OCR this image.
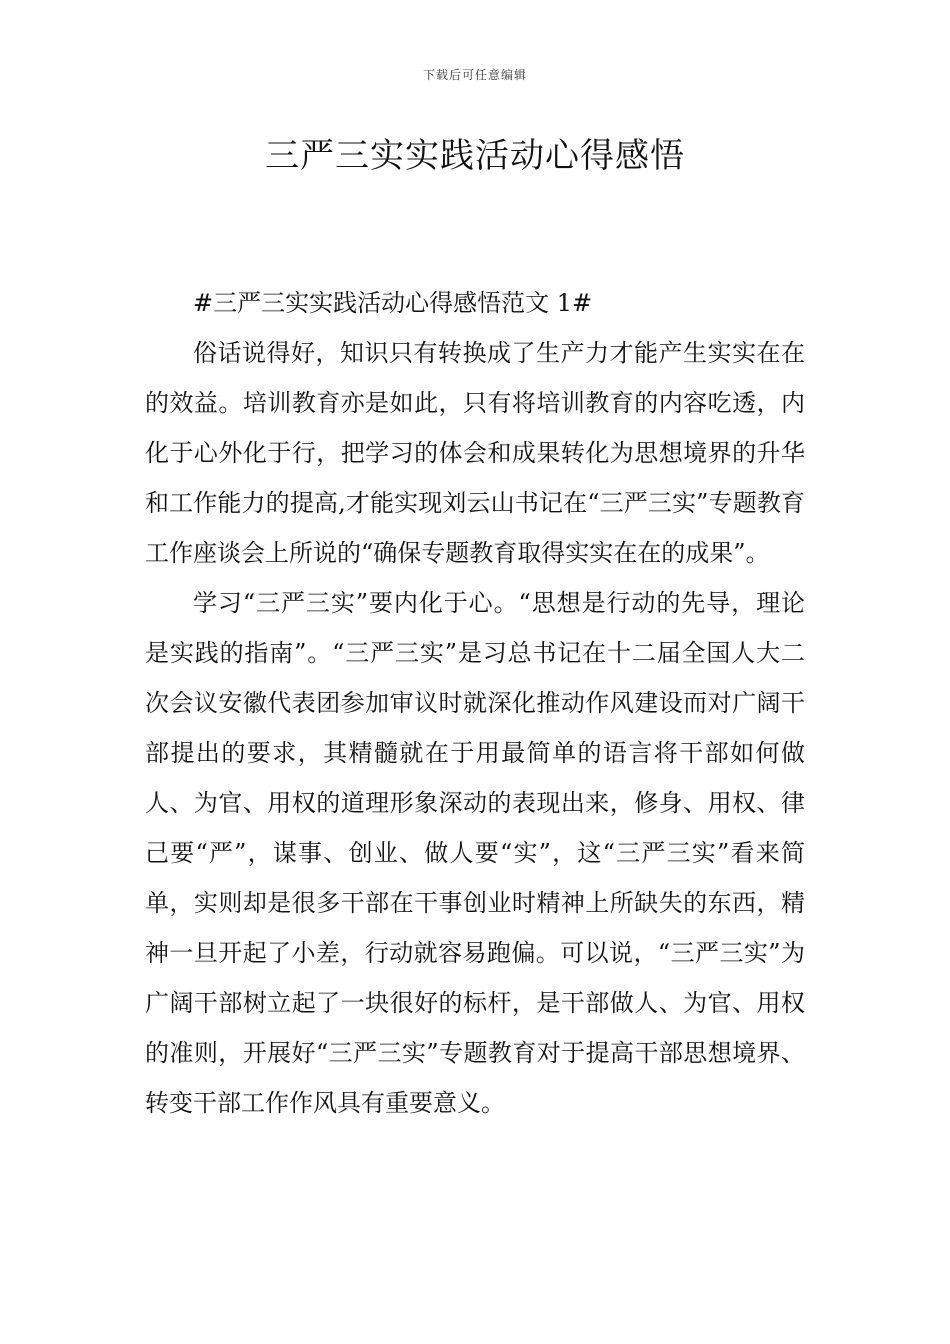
下载后可任意编辑
三严三实实践活动心得感悟

#三严三实实践活动心得感悟范文 1#

俗话说得好，知识只有转换成了生产力才能产生实实在在的效益。培训教育亦是如此，只有将培训教育的内容吃透，内化于心外化于行，把学习的体会和成果转化为思想境界的升华和工作能力的提高,才能实现刘云山书记在“三严三实”专题教育工作座谈会上所说的“确保专题教育取得实实在在的成果”。

学习“三严三实”要内化于心。“思想是行动的先导，理论是实践的指南”。“三严三实”是习总书记在十二届全国人大二次会议安徽代表团参加审议时就深化推动作风建设而对广阔干部提出的要求，其精髓就在于用最简单的语言将干部如何做人、为官、用权的道理形象深动的表现出来，修身、用权、律己要“严”，谋事、创业、做人要“实”，这“三严三实”看来简单，实则却是很多干部在干事创业时精神上所缺失的东西，精神一旦开起了小差，行动就容易跑偏。可以说，“三严三实”为广阔干部树立起了一块很好的标杆，是干部做人、为官、用权的准则，开展好“三严三实”专题教育对于提高干部思想境界、转变干部工作作风具有重要意义。
